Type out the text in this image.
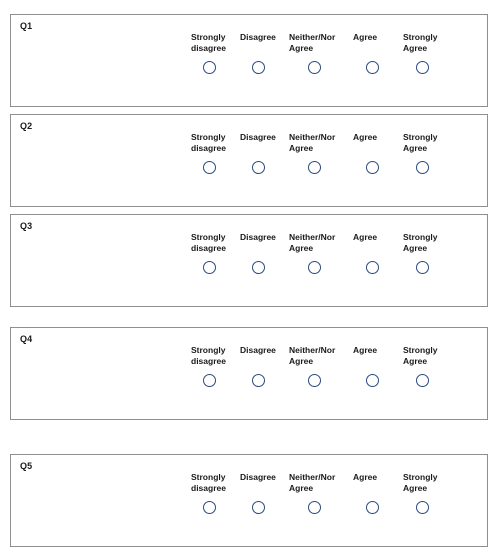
Q1
Strongly
disagree
Disagree Neither/Nor
Agree
Agree	Strongly
Agree
Q2
Strongly
disagree
Disagree Neither/Nor
Agree
Agree	Strongly
Agree
Q3
Strongly
disagree
Disagree Neither/Nor
Agree
Agree	Strongly
Agree
Q4
Strongly
disagree
Disagree Neither/Nor
Agree
Agree	Strongly
Agree
Q5
Strongly
disagree
Disagree Neither/Nor
Agree
Agree	Strongly
Agree
